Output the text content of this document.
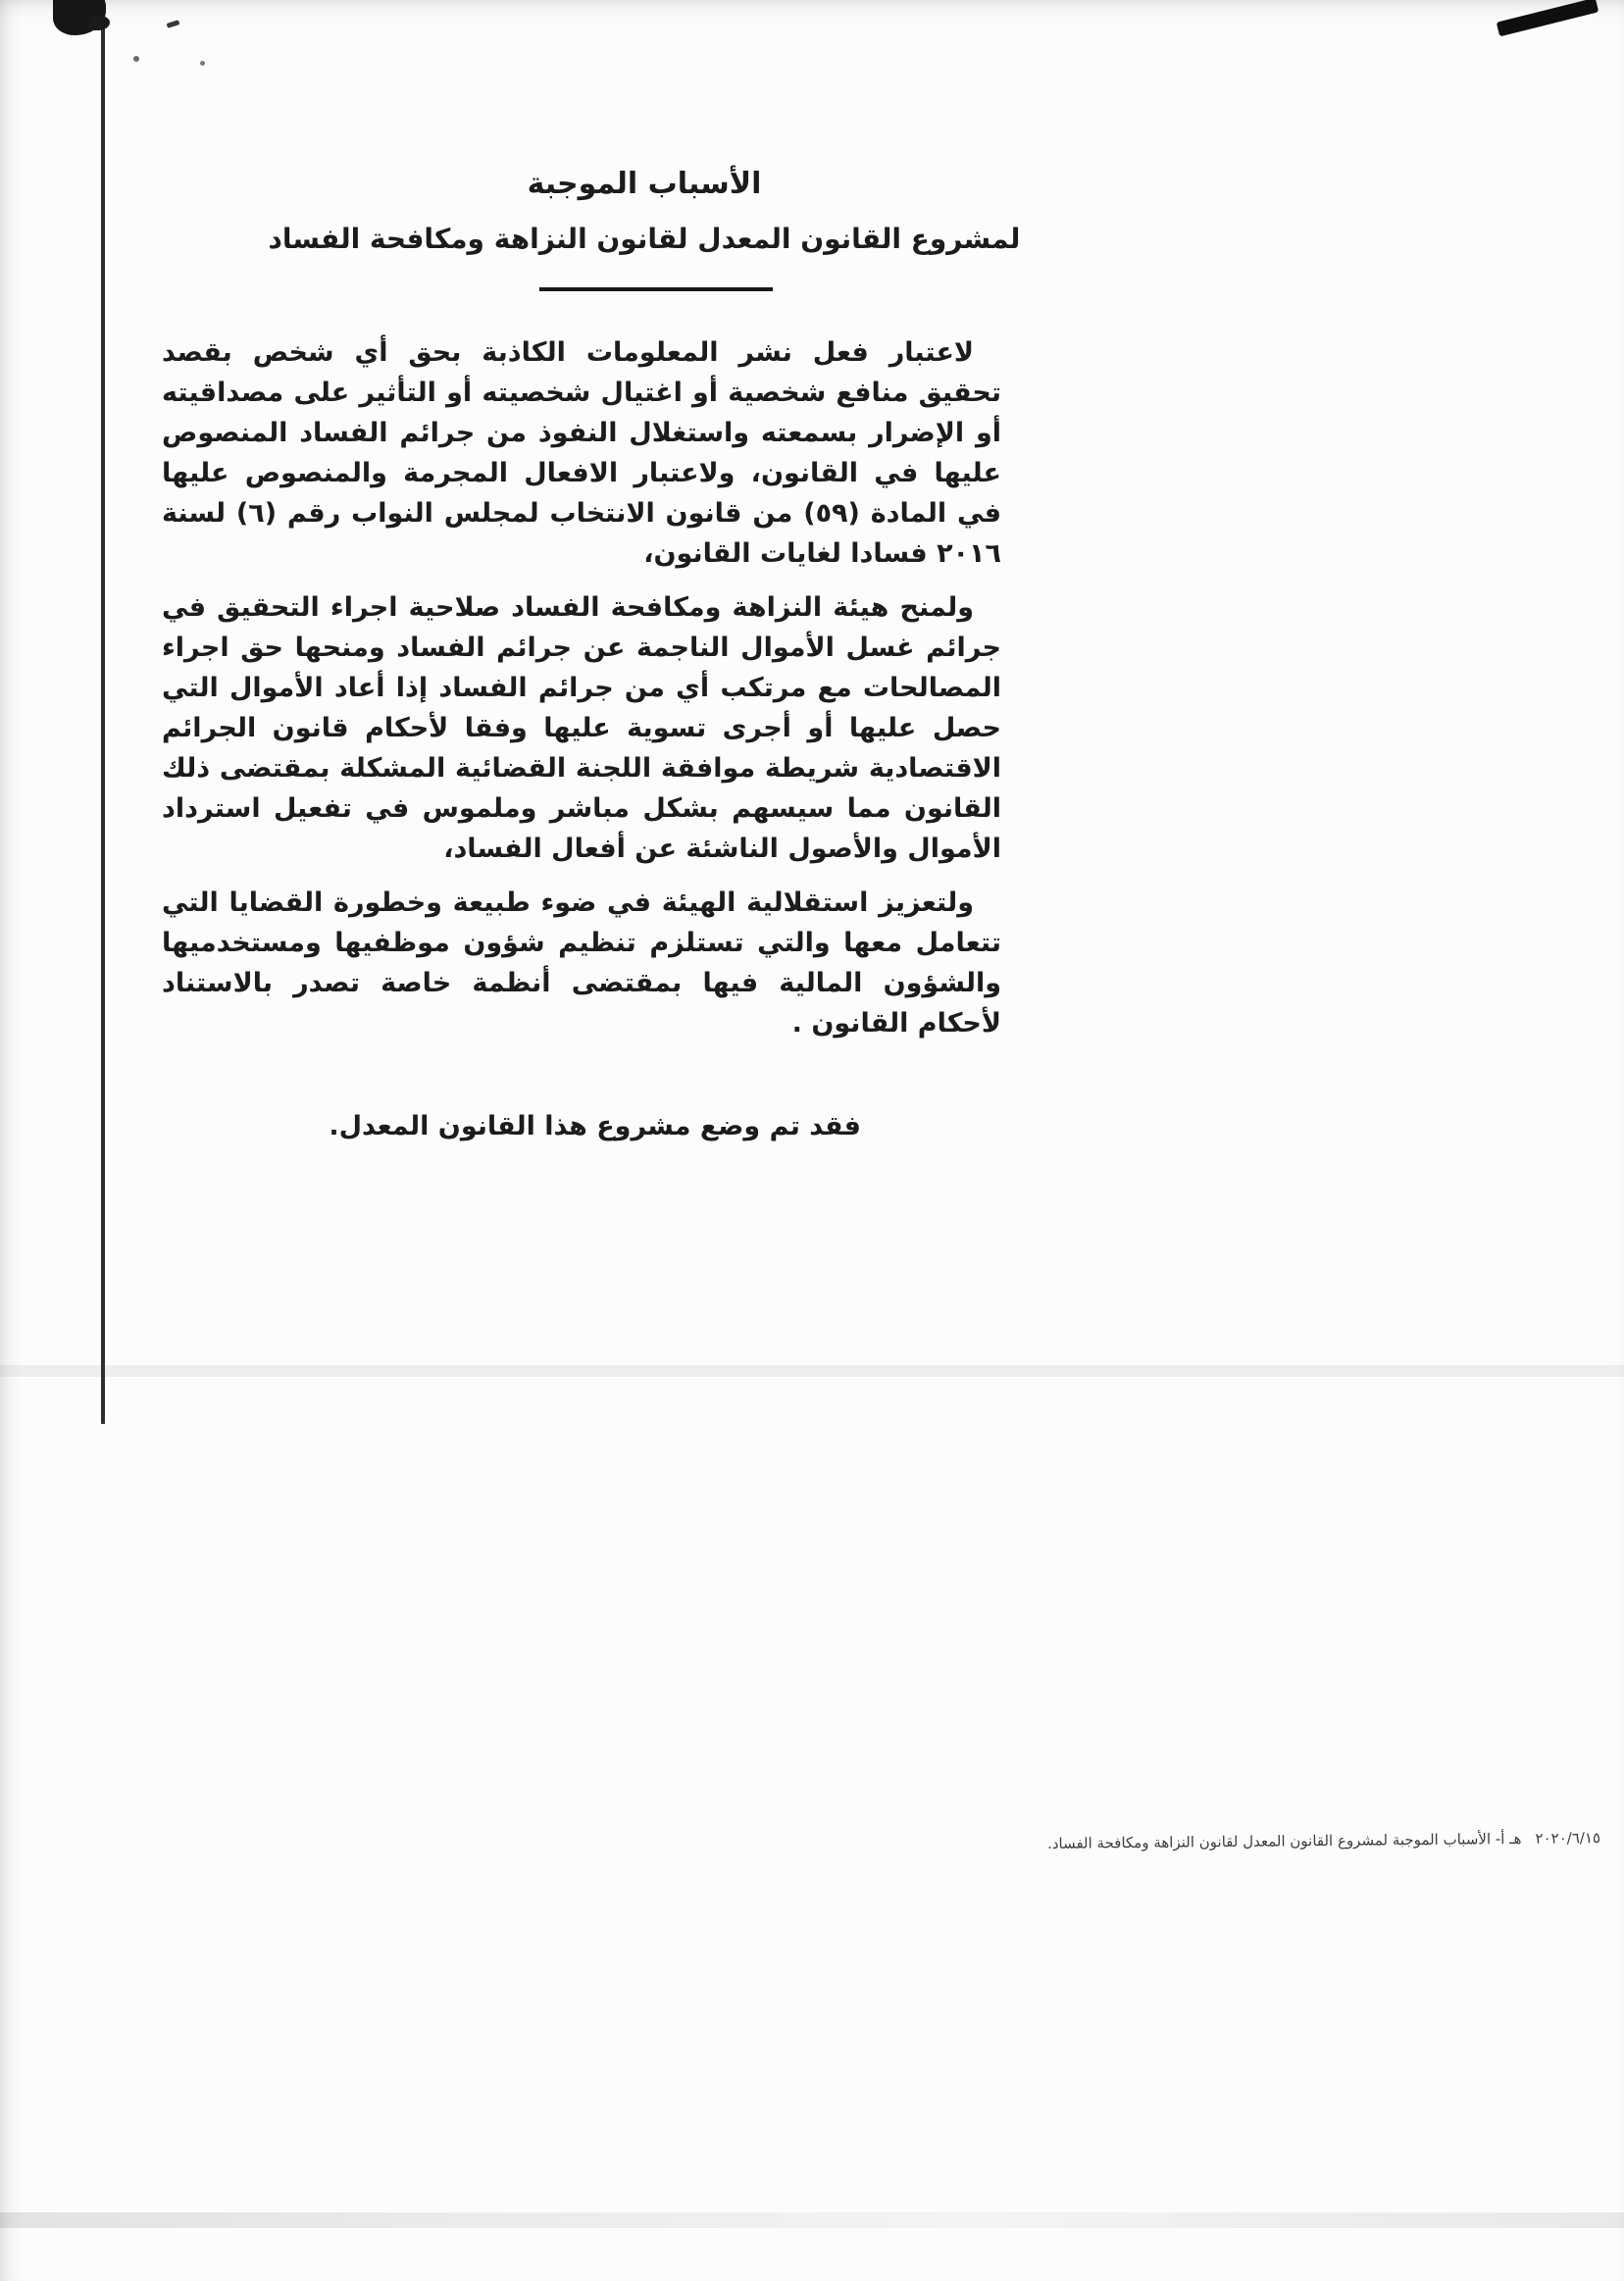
الأسباب الموجبة
لمشروع القانون المعدل لقانون النزاهة ومكافحة الفساد

لاعتبار فعل نشر المعلومات الكاذبة بحق أي شخص بقصد تحقيق منافع شخصية أو اغتيال شخصيته أو التأثير على مصداقيته أو الإضرار بسمعته واستغلال النفوذ من جرائم الفساد المنصوص عليها في القانون، ولاعتبار الافعال المجرمة والمنصوص عليها في المادة (٥٩) من قانون الانتخاب لمجلس النواب رقم (٦) لسنة ٢٠١٦ فسادا لغايات القانون،

ولمنح هيئة النزاهة ومكافحة الفساد صلاحية اجراء التحقيق في جرائم غسل الأموال الناجمة عن جرائم الفساد ومنحها حق اجراء المصالحات مع مرتكب أي من جرائم الفساد إذا أعاد الأموال التي حصل عليها أو أجرى تسوية عليها وفقا لأحكام قانون الجرائم الاقتصادية شريطة موافقة اللجنة القضائية المشكلة بمقتضى ذلك القانون مما سيسهم بشكل مباشر وملموس في تفعيل استرداد الأموال والأصول الناشئة عن أفعال الفساد،

ولتعزيز استقلالية الهيئة في ضوء طبيعة وخطورة القضايا التي تتعامل معها والتي تستلزم تنظيم شؤون موظفيها ومستخدميها والشؤون المالية فيها بمقتضى أنظمة خاصة تصدر بالاستناد لأحكام القانون .

فقد تم وضع مشروع هذا القانون المعدل.

هـ أ- الأسباب الموجبة لمشروع القانون المعدل لقانون النزاهة ومكافحة الفساد. ٢٠٢٠/٦/١٥
